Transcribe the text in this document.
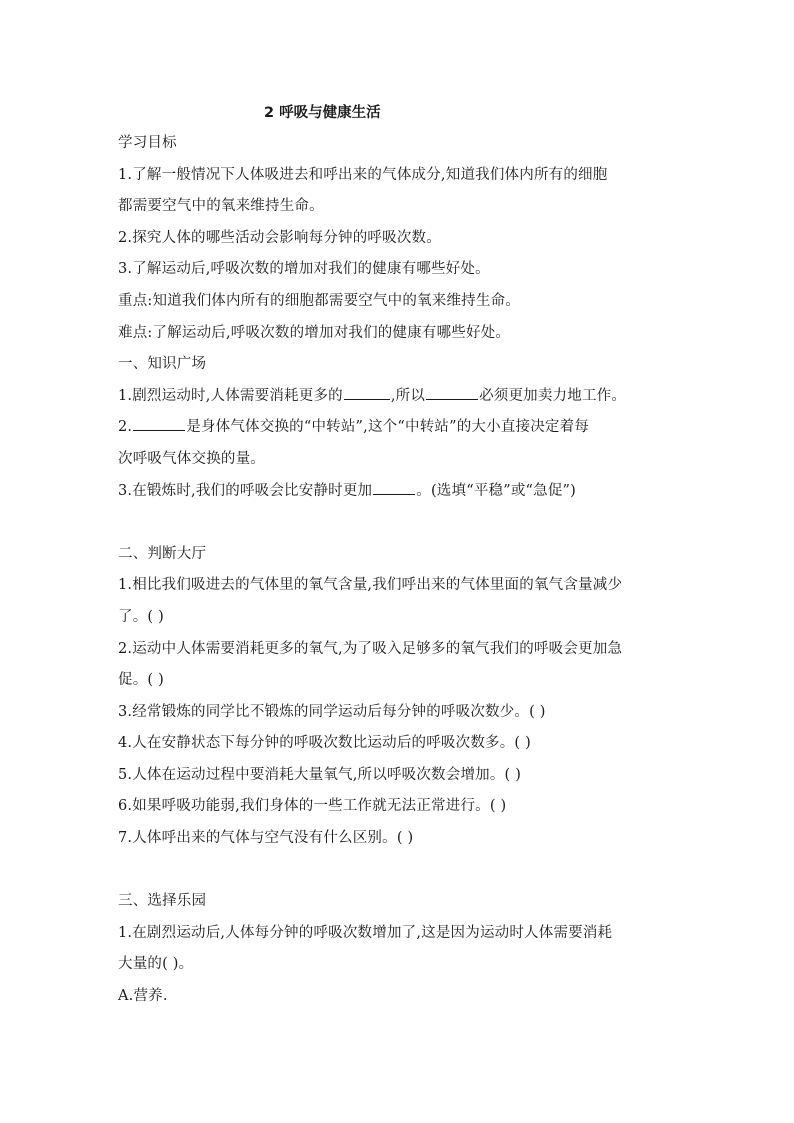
2 呼吸与健康生活
学习目标
1.了解一般情况下人体吸进去和呼出来的气体成分,知道我们体内所有的细胞
都需要空气中的氧来维持生命。
2.探究人体的哪些活动会影响每分钟的呼吸次数。
3.了解运动后,呼吸次数的增加对我们的健康有哪些好处。
重点:知道我们体内所有的细胞都需要空气中的氧来维持生命。
难点:了解运动后,呼吸次数的增加对我们的健康有哪些好处。
一、知识广场
1.剧烈运动时,人体需要消耗更多的	,所以	必须更加卖力地工作。
2.	是身体气体交换的“中转站”,这个“中转站”的大小直接决定着每
次呼吸气体交换的量。
3.在锻炼时,我们的呼吸会比安静时更加	。(选填“平稳”或“急促”)
二、判断大厅
1.相比我们吸进去的气体里的氧气含量,我们呼出来的气体里面的氧气含量减少
了。( )
2.运动中人体需要消耗更多的氧气,为了吸入足够多的氧气我们的呼吸会更加急
促。( )
3.经常锻炼的同学比不锻炼的同学运动后每分钟的呼吸次数少。( )
4.人在安静状态下每分钟的呼吸次数比运动后的呼吸次数多。( )
5.人体在运动过程中要消耗大量氧气,所以呼吸次数会增加。( )
6.如果呼吸功能弱,我们身体的一些工作就无法正常进行。( )
7.人体呼出来的气体与空气没有什么区别。( )
三、选择乐园
1.在剧烈运动后,人体每分钟的呼吸次数增加了,这是因为运动时人体需要消耗
大量的( )。
A.营养.
